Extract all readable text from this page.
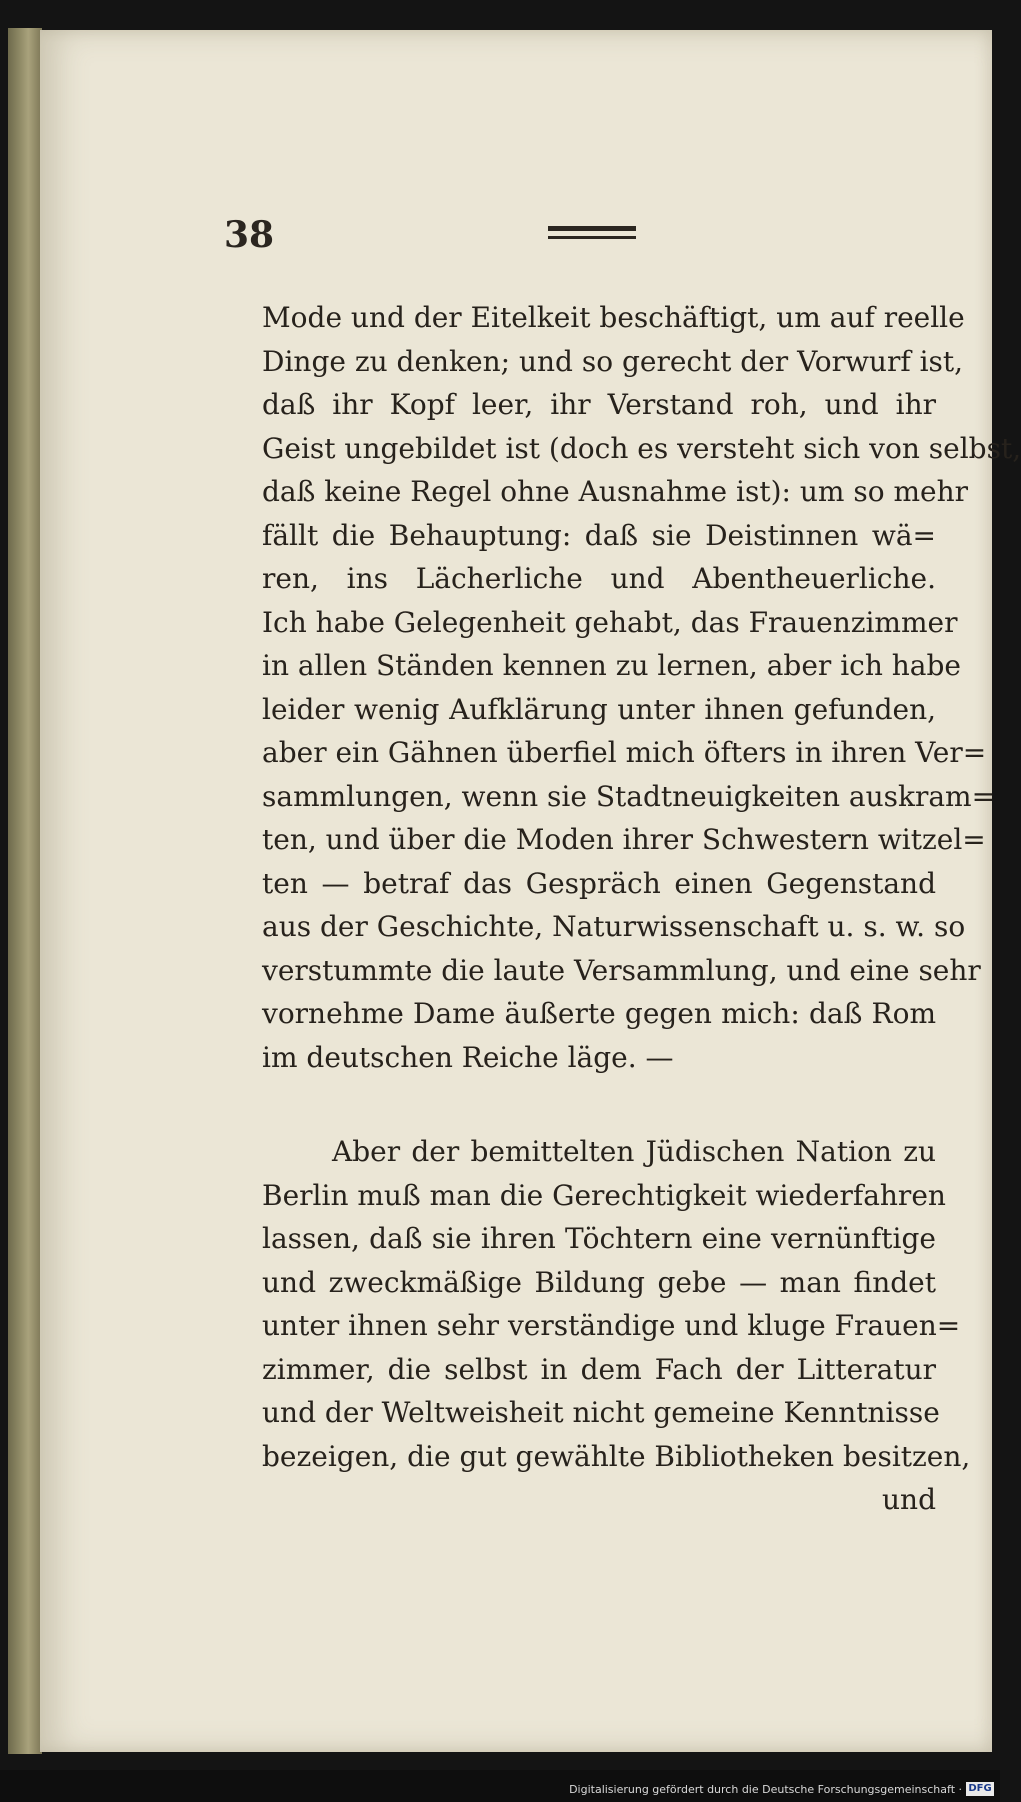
38
Mode und der Eitelkeit beschäftigt, um auf reelle
Dinge zu denken; und so gerecht der Vorwurf ist,
daß ihr Kopf leer, ihr Verstand roh, und ihr
Geist ungebildet ist (doch es versteht sich von selbst,
daß keine Regel ohne Ausnahme ist): um so mehr
fällt die Behauptung: daß sie Deistinnen wä=
ren, ins Lächerliche und Abentheuerliche.
Ich habe Gelegenheit gehabt, das Frauenzimmer
in allen Ständen kennen zu lernen, aber ich habe
leider wenig Aufklärung unter ihnen gefunden,
aber ein Gähnen überfiel mich öfters in ihren Ver=
sammlungen, wenn sie Stadtneuigkeiten auskram=
ten, und über die Moden ihrer Schwestern witzel=
ten — betraf das Gespräch einen Gegenstand
aus der Geschichte, Naturwissenschaft u. s. w. so
verstummte die laute Versammlung, und eine sehr
vornehme Dame äußerte gegen mich: daß Rom
im deutschen Reiche läge. —
Aber der bemittelten Jüdischen Nation zu
Berlin muß man die Gerechtigkeit wiederfahren
lassen, daß sie ihren Töchtern eine vernünftige
und zweckmäßige Bildung gebe — man findet
unter ihnen sehr verständige und kluge Frauen=
zimmer, die selbst in dem Fach der Litteratur
und der Weltweisheit nicht gemeine Kenntnisse
bezeigen, die gut gewählte Bibliotheken besitzen,
und
Digitalisierung gefördert durch die Deutsche Forschungsgemeinschaft · DFG
